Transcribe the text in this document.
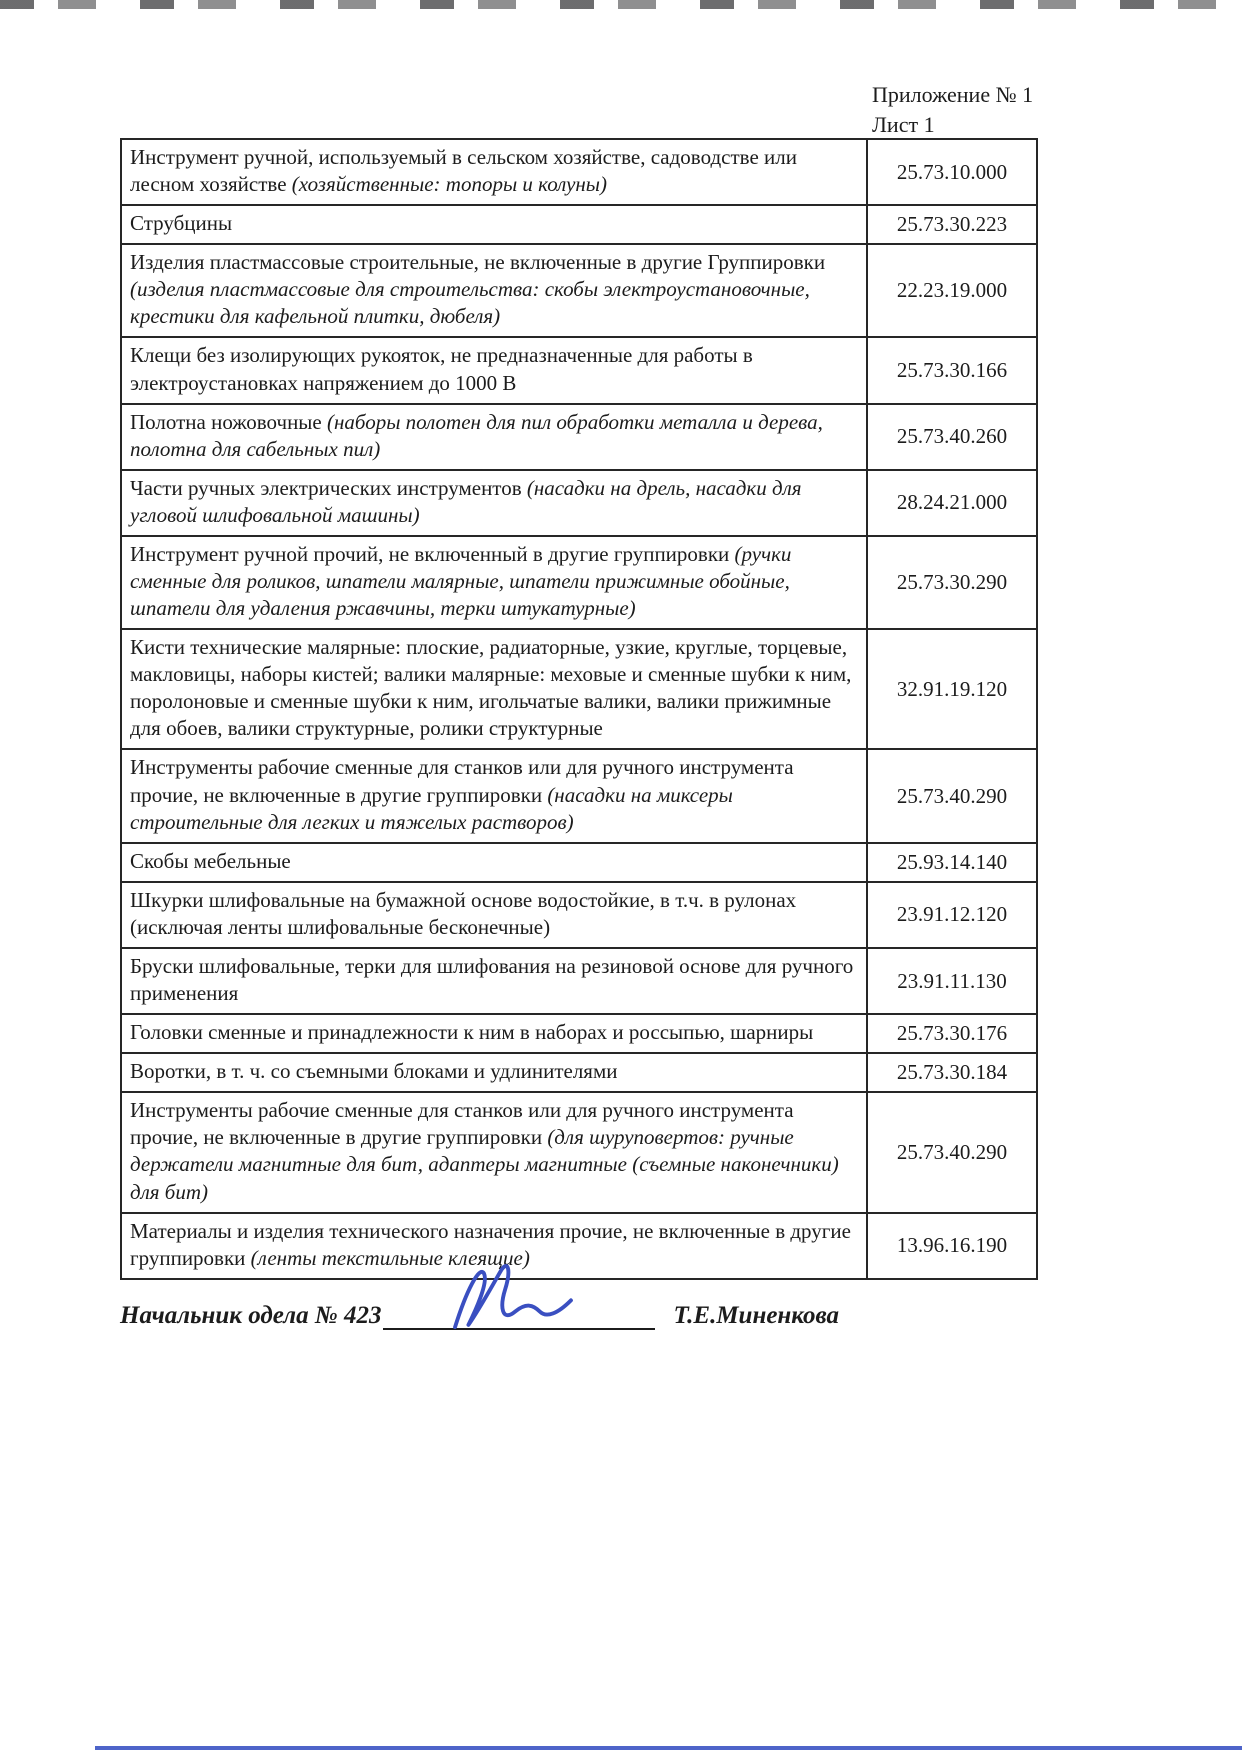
Приложение № 1
Лист 1
Инструмент ручной, используемый в сельском хозяйстве, садоводстве или лесном хозяйстве (хозяйственные: топоры и колуны)	25.73.10.000
Струбцины	25.73.30.223
Изделия пластмассовые строительные, не включенные в другие Группировки (изделия пластмассовые для строительства: скобы электроустановочные, крестики для кафельной плитки, дюбеля)	22.23.19.000
Клещи без изолирующих рукояток, не предназначенные для работы в электроустановках напряжением до 1000 В	25.73.30.166
Полотна ножовочные (наборы полотен для пил обработки металла и дерева, полотна для сабельных пил)	25.73.40.260
Части ручных электрических инструментов (насадки на дрель, насадки для угловой шлифовальной машины)	28.24.21.000
Инструмент ручной прочий, не включенный в другие группировки (ручки сменные для роликов, шпатели малярные, шпатели прижимные обойные, шпатели для удаления ржавчины, терки штукатурные)	25.73.30.290
Кисти технические малярные: плоские, радиаторные, узкие, круглые, торцевые, макловицы, наборы кистей; валики малярные: меховые и сменные шубки к ним, поролоновые и сменные шубки к ним, игольчатые валики, валики прижимные для обоев, валики структурные, ролики структурные	32.91.19.120
Инструменты рабочие сменные для станков или для ручного инструмента прочие, не включенные в другие группировки (насадки на миксеры строительные для легких и тяжелых растворов)	25.73.40.290
Скобы мебельные	25.93.14.140
Шкурки шлифовальные на бумажной основе водостойкие, в т.ч. в рулонах (исключая ленты шлифовальные бесконечные)	23.91.12.120
Бруски шлифовальные, терки для шлифования на резиновой основе для ручного применения	23.91.11.130
Головки сменные и принадлежности к ним в наборах и россыпью, шарниры	25.73.30.176
Воротки, в т. ч. со съемными блоками и удлинителями	25.73.30.184
Инструменты рабочие сменные для станков или для ручного инструмента прочие, не включенные в другие группировки (для шуруповертов: ручные держатели магнитные для бит, адаптеры магнитные (съемные наконечники) для бит)	25.73.40.290
Материалы и изделия технического назначения прочие, не включенные в другие группировки (ленты текстильные клеящие)	13.96.16.190
Начальник одела № 423	Т.Е.Миненкова
